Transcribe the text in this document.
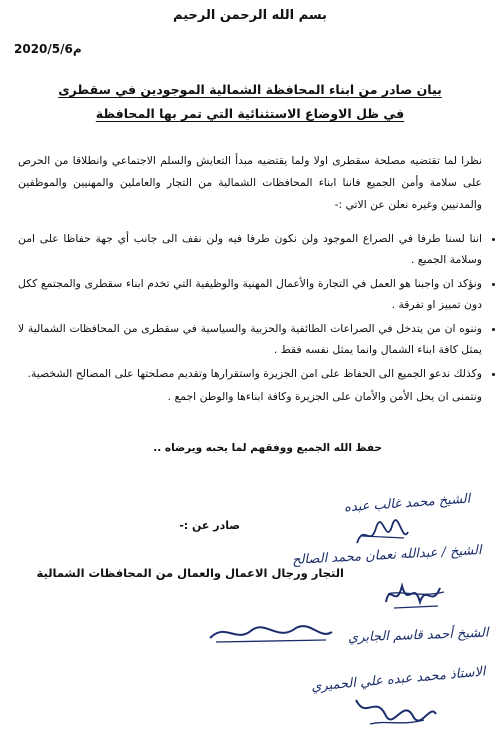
بسم الله الرحمن الرحيم
2020/5/6م
بيان صادر من ابناء المحافظة الشمالية الموجودين في سقطرى
في ظل الاوضاع الاستثنائية التي تمر بها المحافظة

نظرا لما تقتضيه مصلحة سقطرى اولا ولما يقتضيه مبدأ التعايش والسلم الاجتماعي وانطلاقا من الحرص على سلامة وأمن الجميع فاننا ابناء المحافظات الشمالية من التجار والعاملين والمهنيين والموظفين والمدنيين وغيره نعلن عن الاتي :-

• اننا لسنا طرفا في الصراع الموجود ولن نكون طرفا فيه ولن نقف الى جانب أي جهة حفاظا على امن وسلامة الجميع .
• ونؤكد ان واجبنا هو العمل في التجارة والأعمال المهنية والوظيفية التي تخدم ابناء سقطرى والمجتمع ككل دون تمييز او تفرقة .
• وننوه ان من يتدخل في الصراعات الطائفية والحزبية والسياسية في سقطرى من المحافظات الشمالية لا يمثل كافة ابناء الشمال وانما يمثل نفسه فقط .
• وكذلك ندعو الجميع الى الحفاظ على امن الجزيرة واستقرارها وتقديم مصلحتها على المصالح الشخصية.

ونتمنى ان يحل الأمن والأمان على الجزيرة وكافة ابناءها والوطن اجمع .

حفظ الله الجميع ووفقهم لما يحبه ويرضاه ..
صادر عن :-
التجار ورجال الاعمال والعمال من المحافظات الشمالية
الشيخ محمد غالب عبده
الشيخ / عبدالله نعمان محمد الصالح
الشيخ أحمد قاسم الجابري
الاستاذ محمد عبده علي الحميري
